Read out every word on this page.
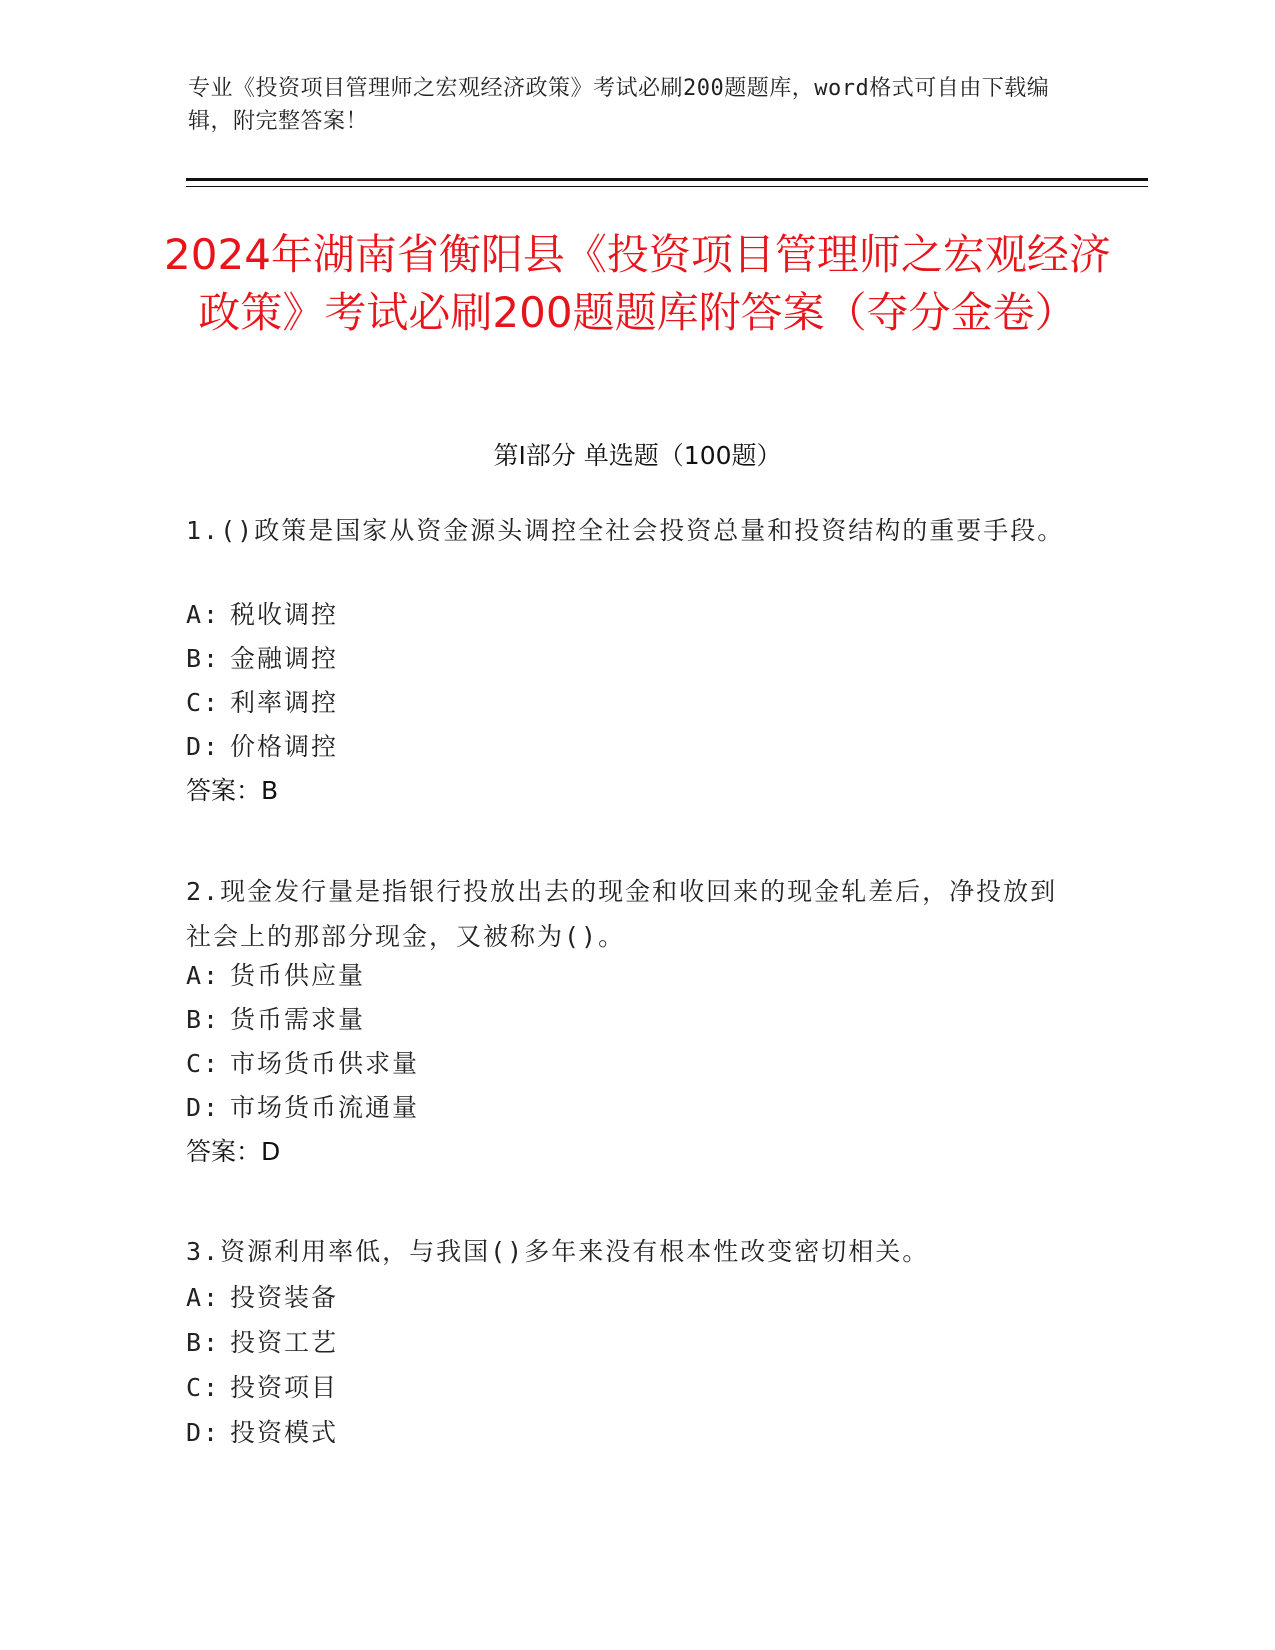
专业《投资项目管理师之宏观经济政策》考试必刷200题题库，word格式可自由下载编辑，附完整答案！
2024年湖南省衡阳县《投资项目管理师之宏观经济政策》考试必刷200题题库附答案（夺分金卷）
第I部分 单选题（100题）
1.()政策是国家从资金源头调控全社会投资总量和投资结构的重要手段。
A: 税收调控
B: 金融调控
C: 利率调控
D: 价格调控
答案：B
2.现金发行量是指银行投放出去的现金和收回来的现金轧差后，净投放到社会上的那部分现金，又被称为()。
A: 货币供应量
B: 货币需求量
C: 市场货币供求量
D: 市场货币流通量
答案：D
3.资源利用率低，与我国()多年来没有根本性改变密切相关。
A: 投资装备
B: 投资工艺
C: 投资项目
D: 投资模式
